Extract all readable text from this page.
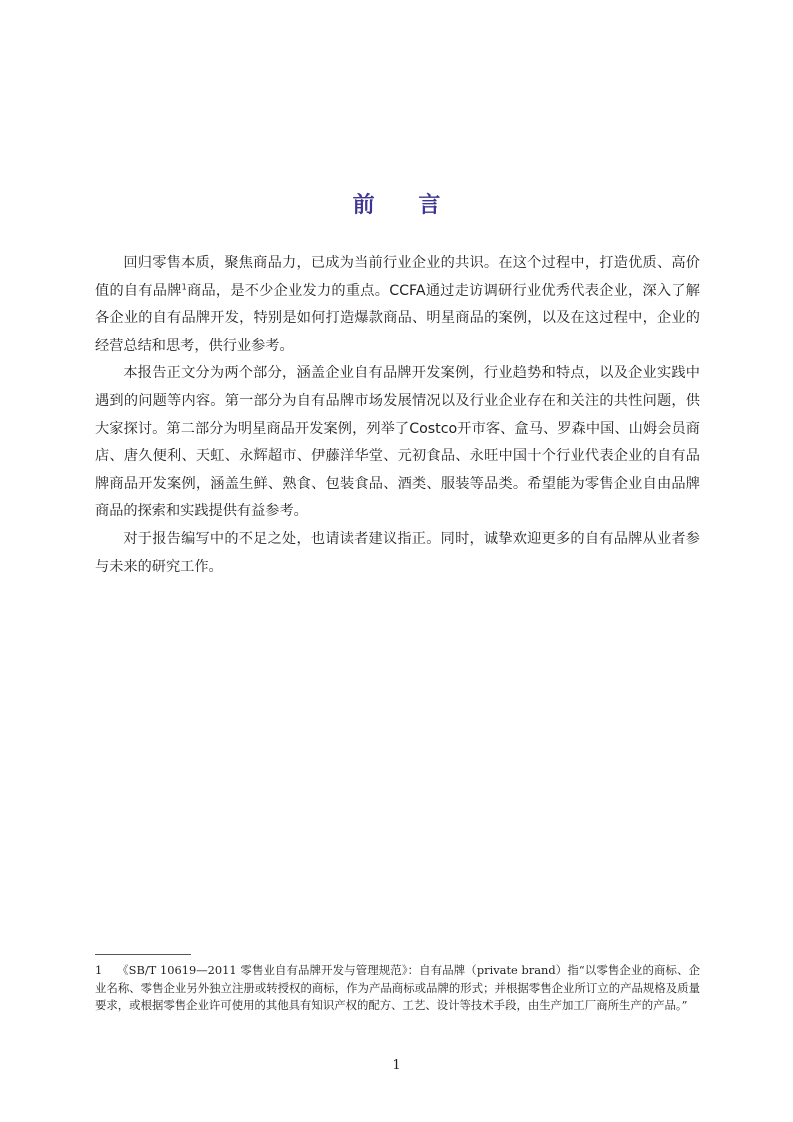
前 言

回归零售本质，聚焦商品力，已成为当前行业企业的共识。在这个过程中，打造优质、高价值的自有品牌$^1$商品，是不少企业发力的重点。CCFA通过走访调研行业优秀代表企业，深入了解各企业的自有品牌开发，特别是如何打造爆款商品、明星商品的案例，以及在这过程中，企业的经营总结和思考，供行业参考。

本报告正文分为两个部分，涵盖企业自有品牌开发案例，行业趋势和特点，以及企业实践中遇到的问题等内容。第一部分为自有品牌市场发展情况以及行业企业存在和关注的共性问题，供大家探讨。第二部分为明星商品开发案例，列举了Costco开市客、盒马、罗森中国、山姆会员商店、唐久便利、天虹、永辉超市、伊藤洋华堂、元初食品、永旺中国十个行业代表企业的自有品牌商品开发案例，涵盖生鲜、熟食、包装食品、酒类、服装等品类。希望能为零售企业自由品牌商品的探索和实践提供有益参考。

对于报告编写中的不足之处，也请读者建议指正。同时，诚挚欢迎更多的自有品牌从业者参与未来的研究工作。

1 《SB/T 10619—2011 零售业自有品牌开发与管理规范》：自有品牌（private brand）指“以零售企业的商标、企业名称、零售企业另外独立注册或转授权的商标，作为产品商标或品牌的形式；并根据零售企业所订立的产品规格及质量要求，或根据零售企业许可使用的其他具有知识产权的配方、工艺、设计等技术手段，由生产加工厂商所生产的产品。”
1
